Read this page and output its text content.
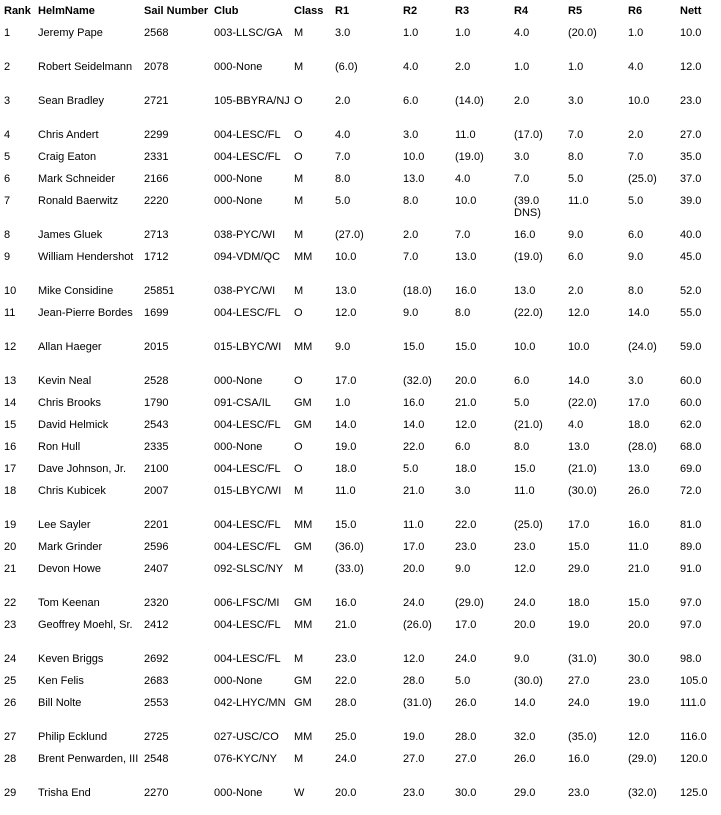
Rank	HelmName	Sail Number	Club	Class	R1	R2	R3	R4	R5	R6	Nett
1	Jeremy Pape	2568	003-LLSC/GA	M	3.0	1.0	1.0	4.0	(20.0)	1.0	10.0
2	Robert Seidelmann	2078	000-None	M	(6.0)	4.0	2.0	1.0	1.0	4.0	12.0
3	Sean Bradley	2721	105-BBYRA/NJ	O	2.0	6.0	(14.0)	2.0	3.0	10.0	23.0
4	Chris Andert	2299	004-LESC/FL	O	4.0	3.0	11.0	(17.0)	7.0	2.0	27.0
5	Craig Eaton	2331	004-LESC/FL	O	7.0	10.0	(19.0)	3.0	8.0	7.0	35.0
6	Mark Schneider	2166	000-None	M	8.0	13.0	4.0	7.0	5.0	(25.0)	37.0
7	Ronald Baerwitz	2220	000-None	M	5.0	8.0	10.0	(39.0 DNS)	11.0	5.0	39.0
8	James Gluek	2713	038-PYC/WI	M	(27.0)	2.0	7.0	16.0	9.0	6.0	40.0
9	William Hendershot	1712	094-VDM/QC	MM	10.0	7.0	13.0	(19.0)	6.0	9.0	45.0
10	Mike Considine	25851	038-PYC/WI	M	13.0	(18.0)	16.0	13.0	2.0	8.0	52.0
11	Jean-Pierre Bordes	1699	004-LESC/FL	O	12.0	9.0	8.0	(22.0)	12.0	14.0	55.0
12	Allan Haeger	2015	015-LBYC/WI	MM	9.0	15.0	15.0	10.0	10.0	(24.0)	59.0
13	Kevin Neal	2528	000-None	O	17.0	(32.0)	20.0	6.0	14.0	3.0	60.0
14	Chris Brooks	1790	091-CSA/IL	GM	1.0	16.0	21.0	5.0	(22.0)	17.0	60.0
15	David Helmick	2543	004-LESC/FL	GM	14.0	14.0	12.0	(21.0)	4.0	18.0	62.0
16	Ron Hull	2335	000-None	O	19.0	22.0	6.0	8.0	13.0	(28.0)	68.0
17	Dave Johnson, Jr.	2100	004-LESC/FL	O	18.0	5.0	18.0	15.0	(21.0)	13.0	69.0
18	Chris Kubicek	2007	015-LBYC/WI	M	11.0	21.0	3.0	11.0	(30.0)	26.0	72.0
19	Lee Sayler	2201	004-LESC/FL	MM	15.0	11.0	22.0	(25.0)	17.0	16.0	81.0
20	Mark Grinder	2596	004-LESC/FL	GM	(36.0)	17.0	23.0	23.0	15.0	11.0	89.0
21	Devon Howe	2407	092-SLSC/NY	M	(33.0)	20.0	9.0	12.0	29.0	21.0	91.0
22	Tom Keenan	2320	006-LFSC/MI	GM	16.0	24.0	(29.0)	24.0	18.0	15.0	97.0
23	Geoffrey Moehl, Sr.	2412	004-LESC/FL	MM	21.0	(26.0)	17.0	20.0	19.0	20.0	97.0
24	Keven Briggs	2692	004-LESC/FL	M	23.0	12.0	24.0	9.0	(31.0)	30.0	98.0
25	Ken Felis	2683	000-None	GM	22.0	28.0	5.0	(30.0)	27.0	23.0	105.0
26	Bill Nolte	2553	042-LHYC/MN	GM	28.0	(31.0)	26.0	14.0	24.0	19.0	111.0
27	Philip Ecklund	2725	027-USC/CO	MM	25.0	19.0	28.0	32.0	(35.0)	12.0	116.0
28	Brent Penwarden, III	2548	076-KYC/NY	M	24.0	27.0	27.0	26.0	16.0	(29.0)	120.0
29	Trisha End	2270	000-None	W	20.0	23.0	30.0	29.0	23.0	(32.0)	125.0
